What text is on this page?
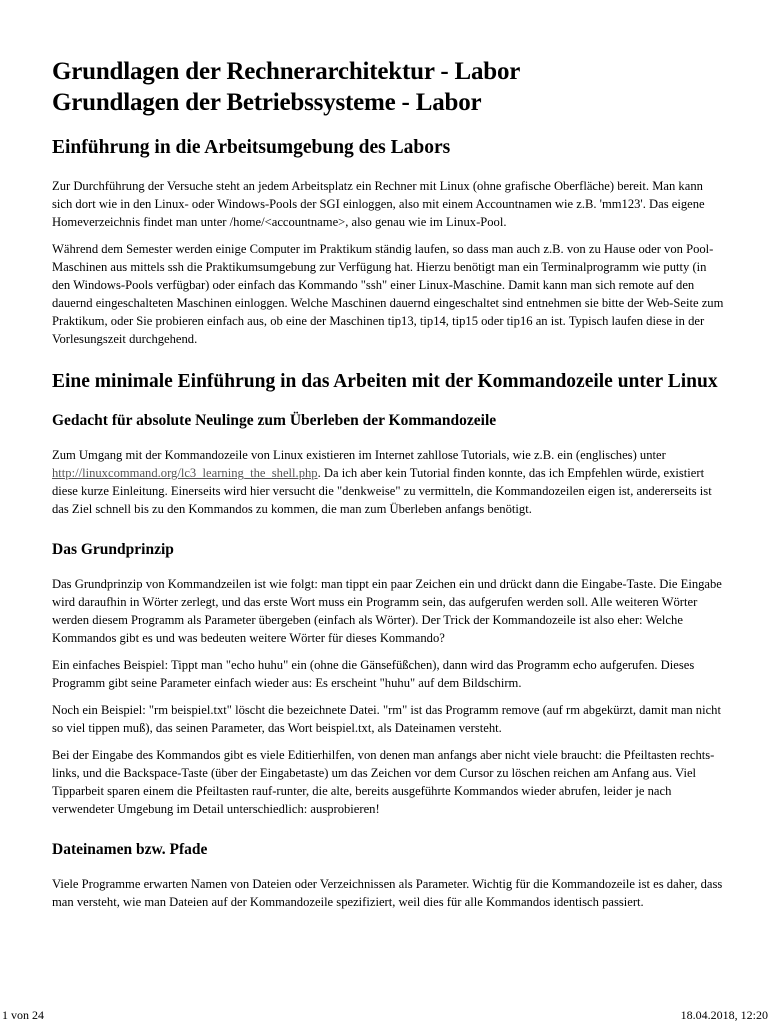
Grundlagen der Rechnerarchitektur - Labor
Grundlagen der Betriebssysteme - Labor
Einführung in die Arbeitsumgebung des Labors

Zur Durchführung der Versuche steht an jedem Arbeitsplatz ein Rechner mit Linux (ohne grafische Oberfläche) bereit. Man kann sich dort wie in den Linux- oder Windows-Pools der SGI einloggen, also mit einem Accountnamen wie z.B. 'mm123'. Das eigene Homeverzeichnis findet man unter /home/<accountname>, also genau wie im Linux-Pool.

Während dem Semester werden einige Computer im Praktikum ständig laufen, so dass man auch z.B. von zu Hause oder von Pool-Maschinen aus mittels ssh die Praktikumsumgebung zur Verfügung hat. Hierzu benötigt man ein Terminalprogramm wie putty (in den Windows-Pools verfügbar) oder einfach das Kommando "ssh" einer Linux-Maschine. Damit kann man sich remote auf den dauernd eingeschalteten Maschinen einloggen. Welche Maschinen dauernd eingeschaltet sind entnehmen sie bitte der Web-Seite zum Praktikum, oder Sie probieren einfach aus, ob eine der Maschinen tip13, tip14, tip15 oder tip16 an ist. Typisch laufen diese in der Vorlesungszeit durchgehend.

Eine minimale Einführung in das Arbeiten mit der Kommandozeile unter Linux
Gedacht für absolute Neulinge zum Überleben der Kommandozeile

Zum Umgang mit der Kommandozeile von Linux existieren im Internet zahllose Tutorials, wie z.B. ein (englisches) unter http://linuxcommand.org/lc3_learning_the_shell.php. Da ich aber kein Tutorial finden konnte, das ich Empfehlen würde, existiert diese kurze Einleitung. Einerseits wird hier versucht die "denkweise" zu vermitteln, die Kommandozeilen eigen ist, andererseits ist das Ziel schnell bis zu den Kommandos zu kommen, die man zum Überleben anfangs benötigt.

Das Grundprinzip

Das Grundprinzip von Kommandzeilen ist wie folgt: man tippt ein paar Zeichen ein und drückt dann die Eingabe-Taste. Die Eingabe wird daraufhin in Wörter zerlegt, und das erste Wort muss ein Programm sein, das aufgerufen werden soll. Alle weiteren Wörter werden diesem Programm als Parameter übergeben (einfach als Wörter). Der Trick der Kommandozeile ist also eher: Welche Kommandos gibt es und was bedeuten weitere Wörter für dieses Kommando?

Ein einfaches Beispiel: Tippt man "echo huhu" ein (ohne die Gänsefüßchen), dann wird das Programm echo aufgerufen. Dieses Programm gibt seine Parameter einfach wieder aus: Es erscheint "huhu" auf dem Bildschirm.

Noch ein Beispiel: "rm beispiel.txt" löscht die bezeichnete Datei. "rm" ist das Programm remove (auf rm abgekürzt, damit man nicht so viel tippen muß), das seinen Parameter, das Wort beispiel.txt, als Dateinamen versteht.

Bei der Eingabe des Kommandos gibt es viele Editierhilfen, von denen man anfangs aber nicht viele braucht: die Pfeiltasten rechts-links, und die Backspace-Taste (über der Eingabetaste) um das Zeichen vor dem Cursor zu löschen reichen am Anfang aus. Viel Tipparbeit sparen einem die Pfeiltasten rauf-runter, die alte, bereits ausgeführte Kommandos wieder abrufen, leider je nach verwendeter Umgebung im Detail unterschiedlich: ausprobieren!

Dateinamen bzw. Pfade

Viele Programme erwarten Namen von Dateien oder Verzeichnissen als Parameter. Wichtig für die Kommandozeile ist es daher, dass man versteht, wie man Dateien auf der Kommandozeile spezifiziert, weil dies für alle Kommandos identisch passiert.

1 von 24	18.04.2018, 12:20
